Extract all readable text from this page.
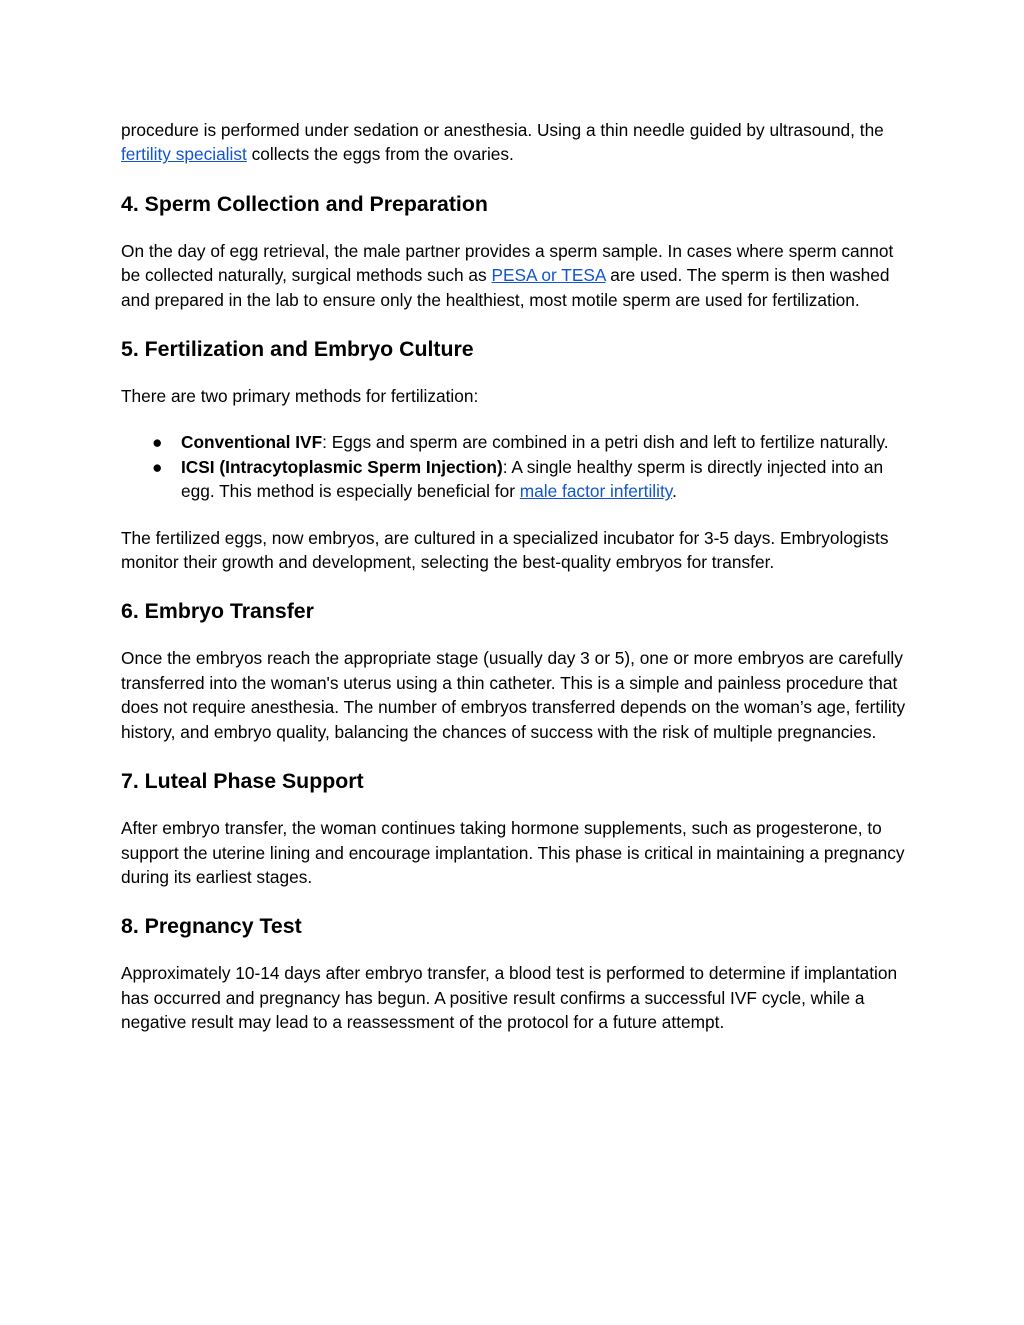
procedure is performed under sedation or anesthesia. Using a thin needle guided by ultrasound, the fertility specialist collects the eggs from the ovaries.

4. Sperm Collection and Preparation

On the day of egg retrieval, the male partner provides a sperm sample. In cases where sperm cannot be collected naturally, surgical methods such as PESA or TESA are used. The sperm is then washed and prepared in the lab to ensure only the healthiest, most motile sperm are used for fertilization.

5. Fertilization and Embryo Culture

There are two primary methods for fertilization:

● Conventional IVF: Eggs and sperm are combined in a petri dish and left to fertilize naturally.
● ICSI (Intracytoplasmic Sperm Injection): A single healthy sperm is directly injected into an egg. This method is especially beneficial for male factor infertility.

The fertilized eggs, now embryos, are cultured in a specialized incubator for 3-5 days. Embryologists monitor their growth and development, selecting the best-quality embryos for transfer.

6. Embryo Transfer

Once the embryos reach the appropriate stage (usually day 3 or 5), one or more embryos are carefully transferred into the woman's uterus using a thin catheter. This is a simple and painless procedure that does not require anesthesia. The number of embryos transferred depends on the woman’s age, fertility history, and embryo quality, balancing the chances of success with the risk of multiple pregnancies.

7. Luteal Phase Support

After embryo transfer, the woman continues taking hormone supplements, such as progesterone, to support the uterine lining and encourage implantation. This phase is critical in maintaining a pregnancy during its earliest stages.

8. Pregnancy Test

Approximately 10-14 days after embryo transfer, a blood test is performed to determine if implantation has occurred and pregnancy has begun. A positive result confirms a successful IVF cycle, while a negative result may lead to a reassessment of the protocol for a future attempt.
